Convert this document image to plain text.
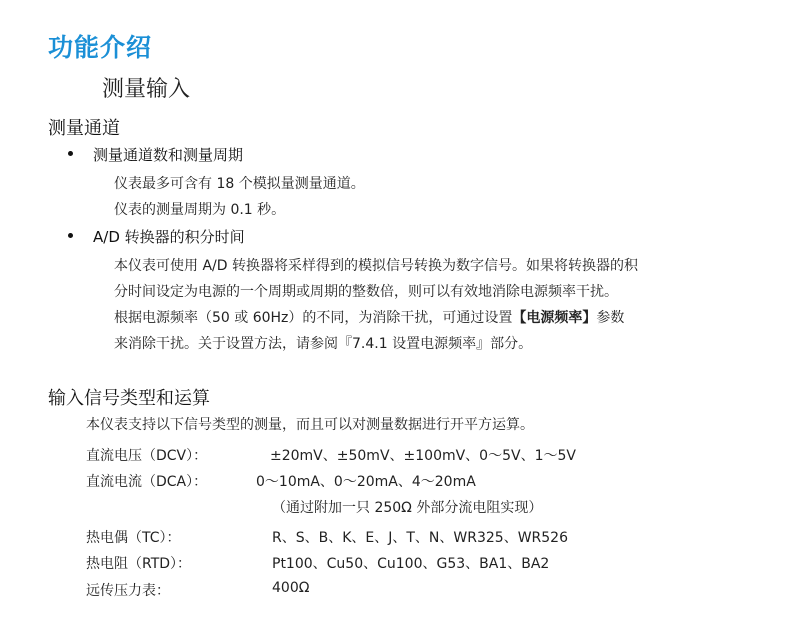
功能介绍
测量输入
测量通道
测量通道数和测量周期
仪表最多可含有 18 个模拟量测量通道。
仪表的测量周期为 0.1 秒。
A/D 转换器的积分时间
本仪表可使用 A/D 转换器将采样得到的模拟信号转换为数字信号。如果将转换器的积
分时间设定为电源的一个周期或周期的整数倍，则可以有效地消除电源频率干扰。
根据电源频率（50 或 60Hz）的不同，为消除干扰，可通过设置【电源频率】参数
来消除干扰。关于设置方法，请参阅『7.4.1 设置电源频率』部分。
输入信号类型和运算
本仪表支持以下信号类型的测量，而且可以对测量数据进行开平方运算。
直流电压（DCV）：	±20mV、±50mV、±100mV、0～5V、1～5V
直流电流（DCA）：	0～10mA、0～20mA、4～20mA
（通过附加一只 250Ω 外部分流电阻实现）
热电偶（TC）：	R、S、B、K、E、J、T、N、WR325、WR526
热电阻（RTD）：	Pt100、Cu50、Cu100、G53、BA1、BA2
远传压力表：	400Ω
